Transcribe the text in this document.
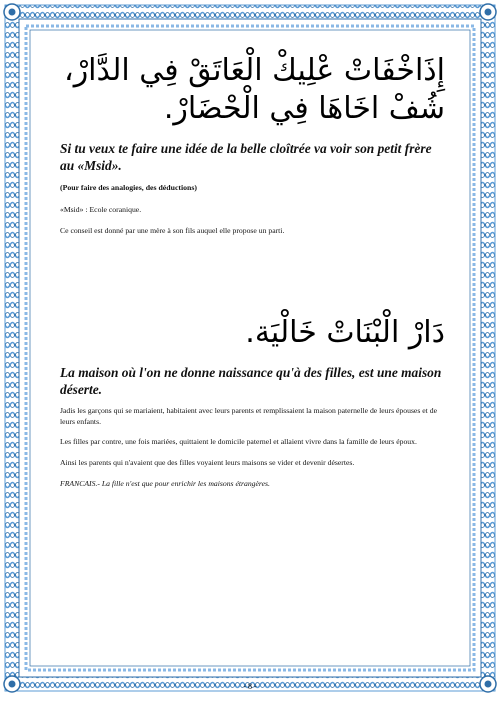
إِذَاخْفَاتْ عْلِيكْ الْعَاتَقْ فِي الدَّارْ،
شُفْ اخَاهَا فِي الْحْضَارْ.
Si tu veux te faire une idée de la belle cloîtrée va voir son petit frère au «Msid».
(Pour faire des analogies, des déductions)
«Msid» : Ecole coranique.
Ce conseil est donné par une mère à son fils auquel elle propose un parti.
دَارْ الْبْنَاتْ خَالْيَة.
La maison où l'on ne donne naissance qu'à des filles, est une maison déserte.
Jadis les garçons qui se mariaient, habitaient avec leurs parents et remplissaient la maison paternelle de leurs épouses et de leurs enfants.
Les filles par contre, une fois mariées, quittaient le domicile paternel et allaient vivre dans la famille de leurs époux.
Ainsi les parents qui n'avaient que des filles voyaient leurs maisons se vider et devenir désertes.
FRANCAIS.- La fille n'est que pour enrichir les maisons étrangères.
- 8 -
